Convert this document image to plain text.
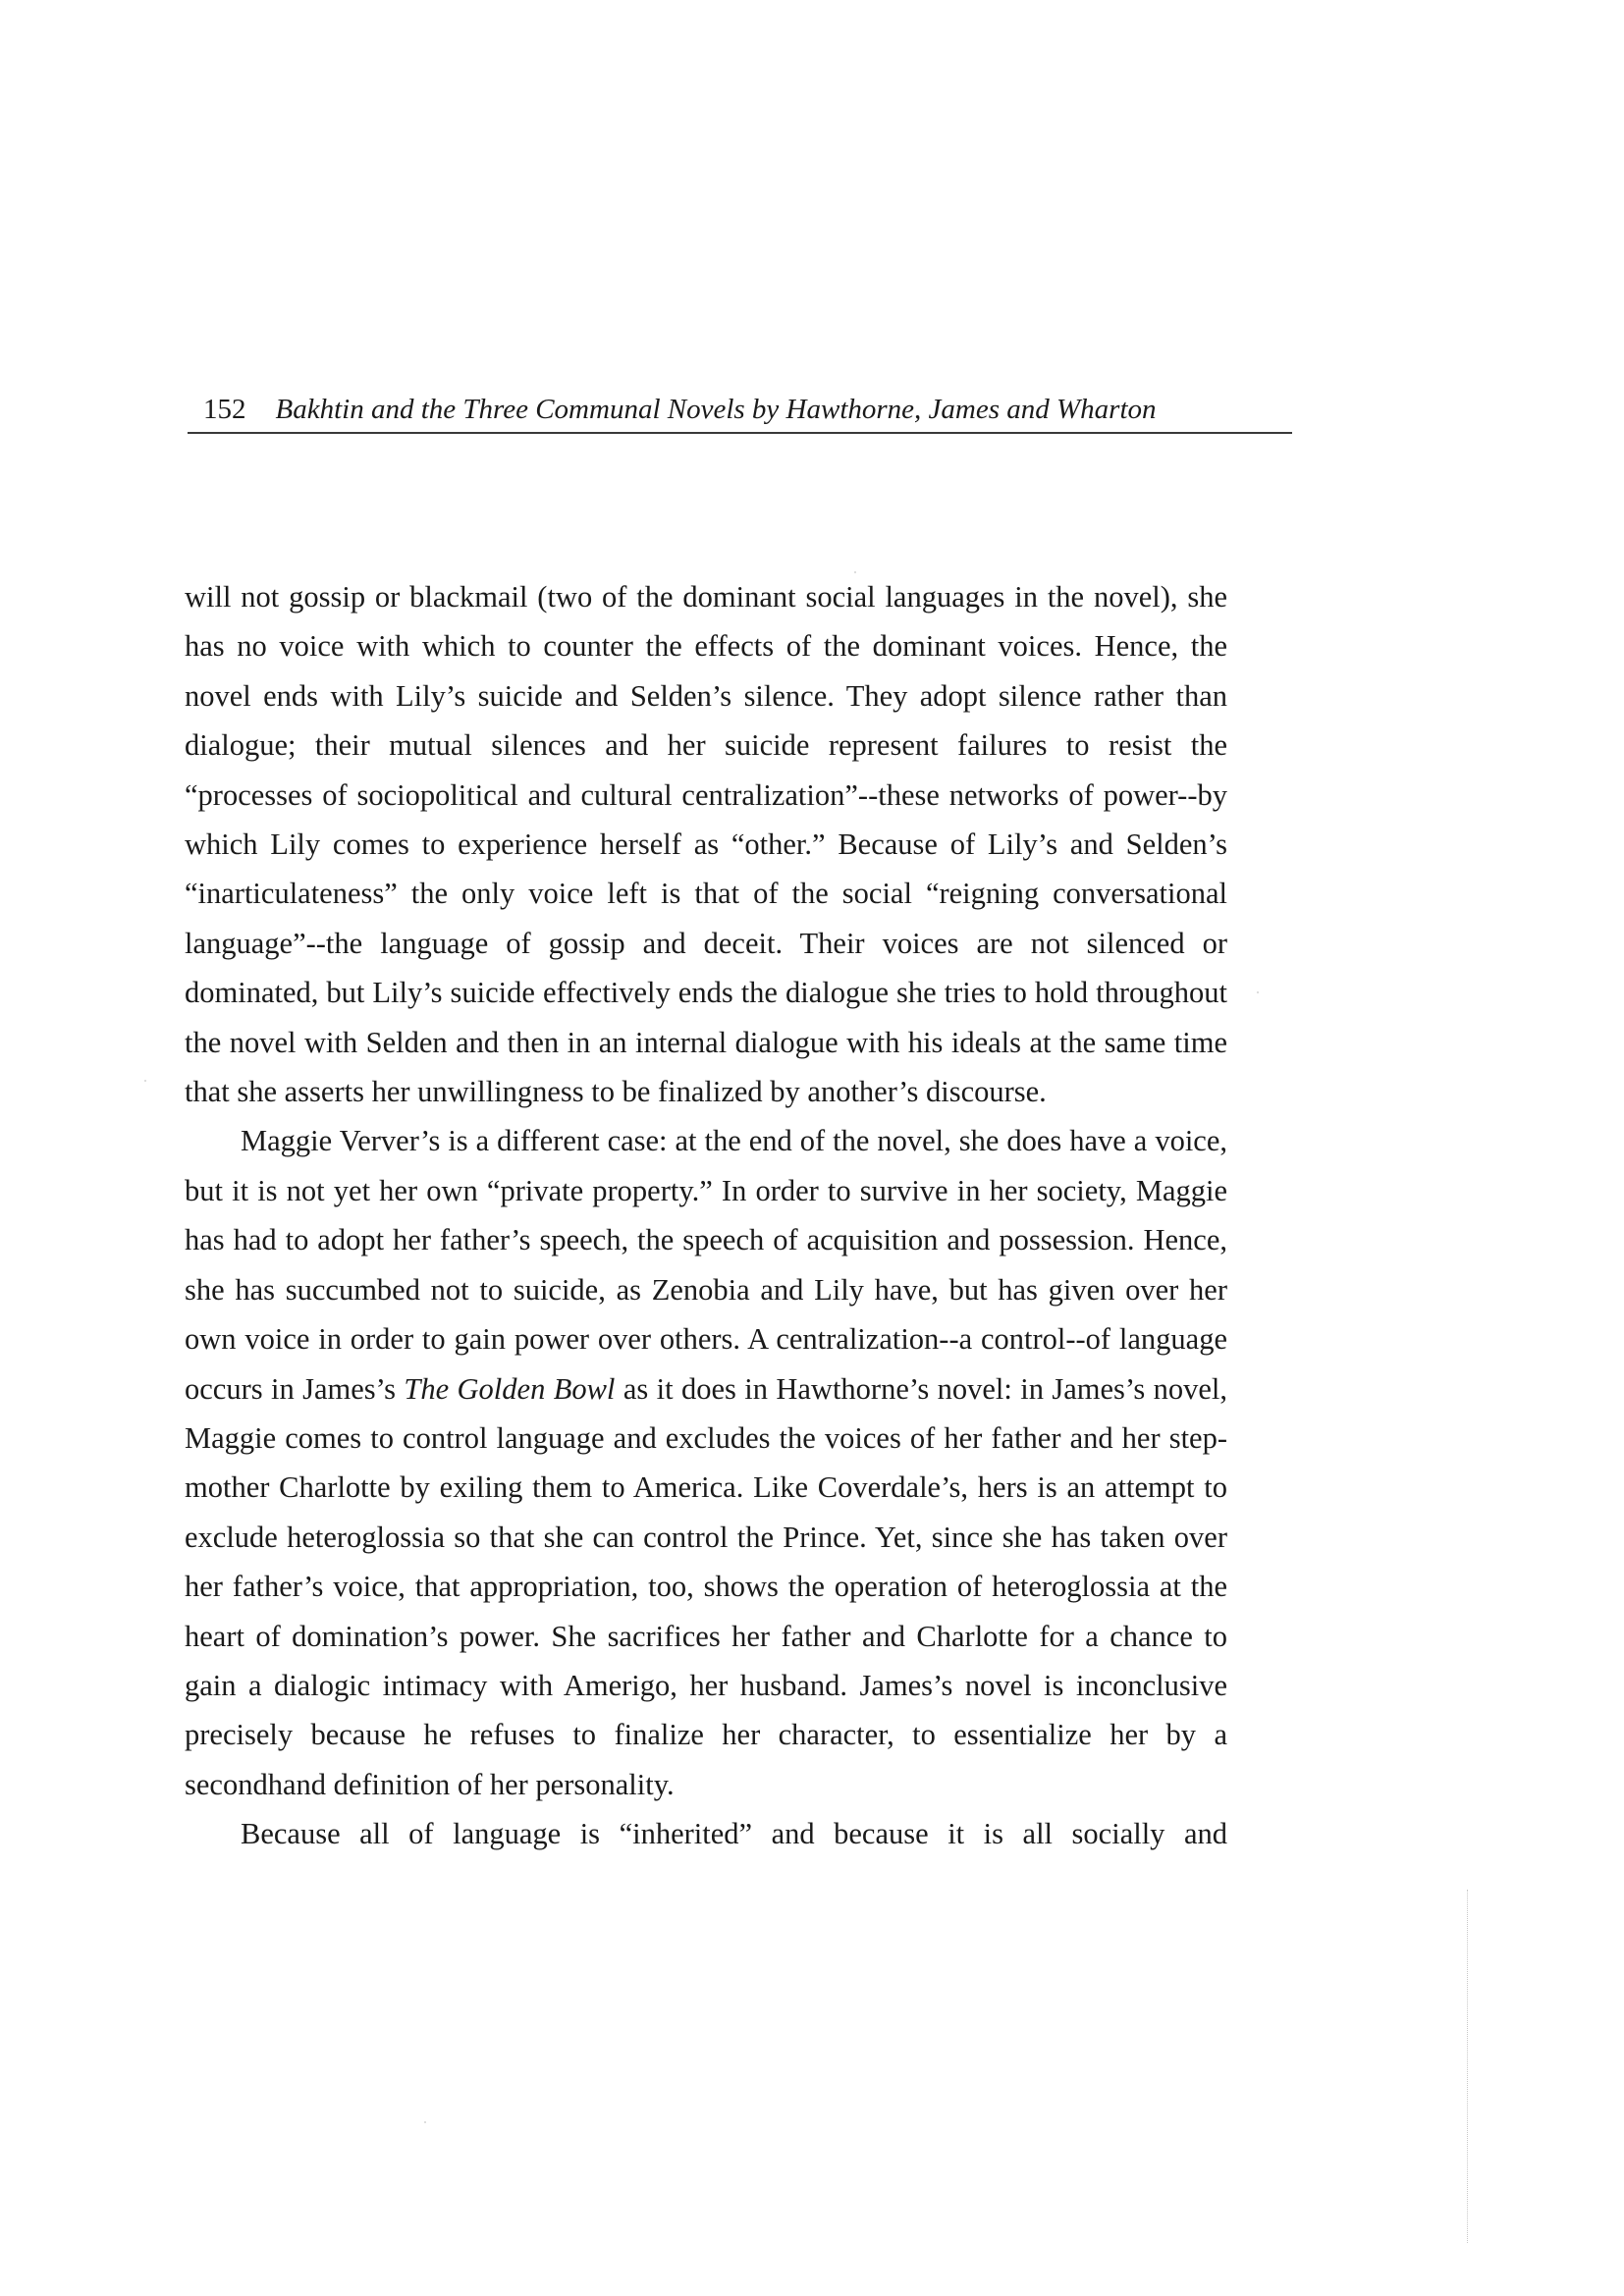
152 Bakhtin and the Three Communal Novels by Hawthorne, James and Wharton

will not gossip or blackmail (two of the dominant social languages in the novel), she has no voice with which to counter the effects of the dominant voices. Hence, the novel ends with Lily’s suicide and Selden’s silence. They adopt silence rather than dialogue; their mutual silences and her suicide represent failures to resist the “processes of sociopolitical and cultural centralization”--these networks of power--by which Lily comes to experience herself as “other.” Because of Lily’s and Selden’s “inarticulateness” the only voice left is that of the social “reigning conversational language”--the language of gossip and deceit. Their voices are not silenced or dominated, but Lily’s suicide effectively ends the dialogue she tries to hold throughout the novel with Selden and then in an internal dialogue with his ideals at the same time that she asserts her unwillingness to be finalized by another’s discourse.

Maggie Verver’s is a different case: at the end of the novel, she does have a voice, but it is not yet her own “private property.” In order to survive in her society, Maggie has had to adopt her father’s speech, the speech of acquisition and possession. Hence, she has succumbed not to suicide, as Zenobia and Lily have, but has given over her own voice in order to gain power over others. A centralization--a control--of language occurs in James’s The Golden Bowl as it does in Hawthorne’s novel: in James’s novel, Maggie comes to control language and excludes the voices of her father and her step-mother Charlotte by exiling them to America. Like Coverdale’s, hers is an attempt to exclude heteroglossia so that she can control the Prince. Yet, since she has taken over her father’s voice, that appropriation, too, shows the operation of heteroglossia at the heart of domination’s power. She sacrifices her father and Charlotte for a chance to gain a dialogic intimacy with Amerigo, her husband. James’s novel is inconclusive precisely because he refuses to finalize her character, to essentialize her by a secondhand definition of her personality.

Because all of language is “inherited” and because it is all socially and
